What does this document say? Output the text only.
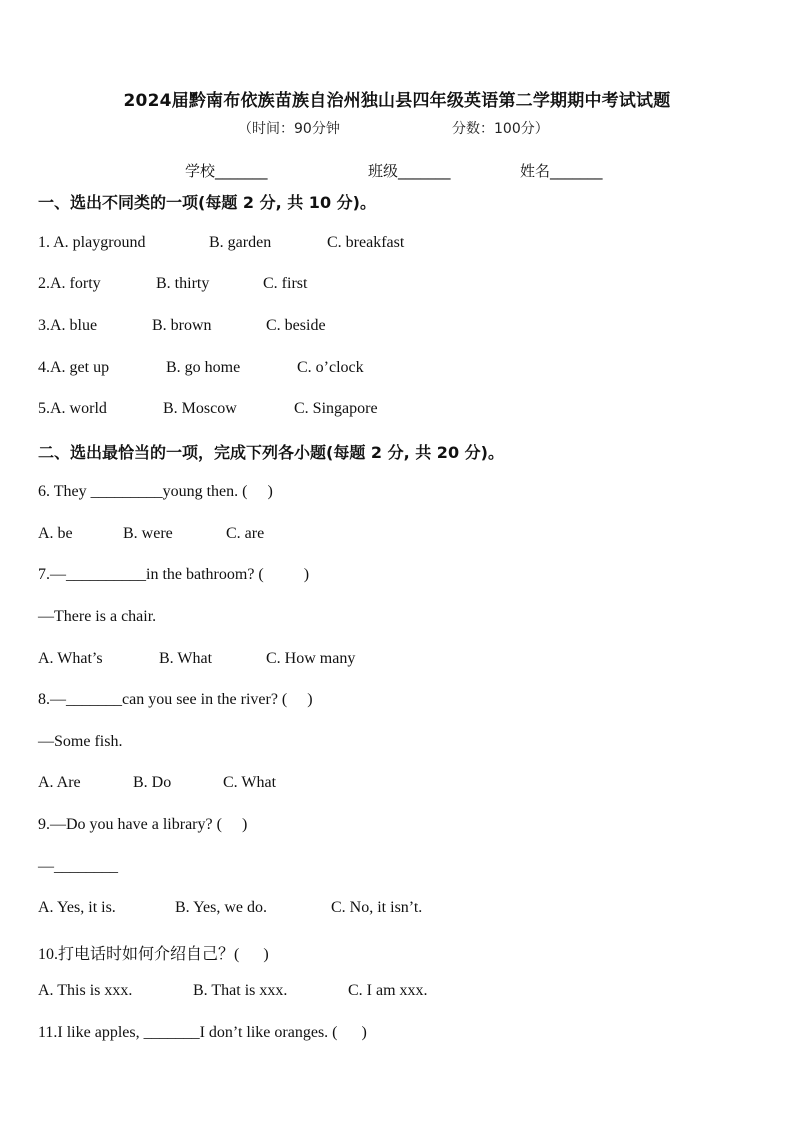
2024届黔南布依族苗族自治州独山县四年级英语第二学期期中考试试题
（时间：90分钟	分数：100分）
学校_______	班级_______	姓名_______
一、选出不同类的一项(每题 2 分, 共 10 分)。
1. A. playground	B. garden	C. breakfast
2.A. forty	B. thirty	C. first
3.A. blue	B. brown	C. beside
4.A. get up	B. go home	C. o’clock
5.A. world	B. Moscow	C. Singapore
二、选出最恰当的一项，完成下列各小题(每题 2 分, 共 20 分)。
6. They _________young then. (     )
A. be	B. were	C. are
7.—__________in the bathroom? (          )
—There is a chair.
A. What’s	B. What	C. How many
8.—_______can you see in the river? (     )
—Some fish.
A. Are	B. Do	C. What
9.—Do you have a library? (     )
—________
A. Yes, it is.	B. Yes, we do.	C. No, it isn’t.
10.打电话时如何介绍自己？(      )
A. This is xxx.	B. That is xxx.	C. I am xxx.
11.I like apples, _______I don’t like oranges. (      )
